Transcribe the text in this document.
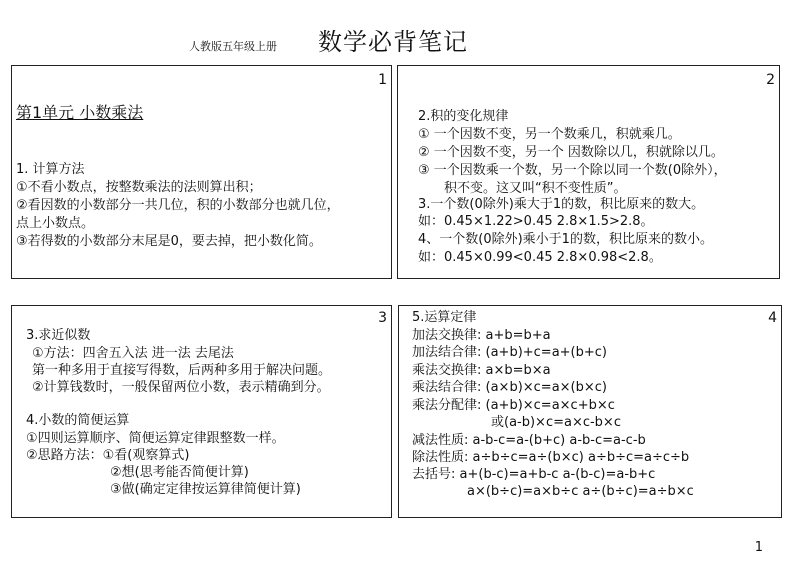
人教版五年级上册 数学必背笔记
1
第1单元 小数乘法
1. 计算方法
①不看小数点，按整数乘法的法则算出积；
②看因数的小数部分一共几位，积的小数部分也就几位，
点上小数点。
③若得数的小数部分末尾是0，要去掉，把小数化简。
2
2.积的变化规律
① 一个因数不变，另一个数乘几，积就乘几。
② 一个因数不变，另一个 因数除以几，积就除以几。
③ 一个因数乘一个数，另一个除以同一个数(0除外），
积不变。这又叫“积不变性质”。
3.一个数(0除外)乘大于1的数，积比原来的数大。
如：0.45×1.22>0.45 2.8×1.5>2.8。
4、一个数(0除外)乘小于1的数，积比原来的数小。
如：0.45×0.99<0.45 2.8×0.98<2.8。
3
3.求近似数
①方法：四舍五入法 进一法 去尾法
第一种多用于直接写得数，后两种多用于解决问题。
②计算钱数时，一般保留两位小数，表示精确到分。
4.小数的简便运算
①四则运算顺序、简便运算定律跟整数一样。
②思路方法：①看(观察算式)
②想(思考能否简便计算)
③做(确定定律按运算律简便计算)
4
5.运算定律
加法交换律: a+b=b+a
加法结合律: (a+b)+c=a+(b+c)
乘法交换律: a×b=b×a
乘法结合律: (a×b)×c=a×(b×c)
乘法分配律: (a+b)×c=a×c+b×c
或(a-b)×c=a×c-b×c
减法性质: a-b-c=a-(b+c) a-b-c=a-c-b
除法性质: a÷b÷c=a÷(b×c) a÷b÷c=a÷c÷b
去括号: a+(b-c)=a+b-c a-(b-c)=a-b+c
a×(b÷c)=a×b÷c a÷(b÷c)=a÷b×c
1
